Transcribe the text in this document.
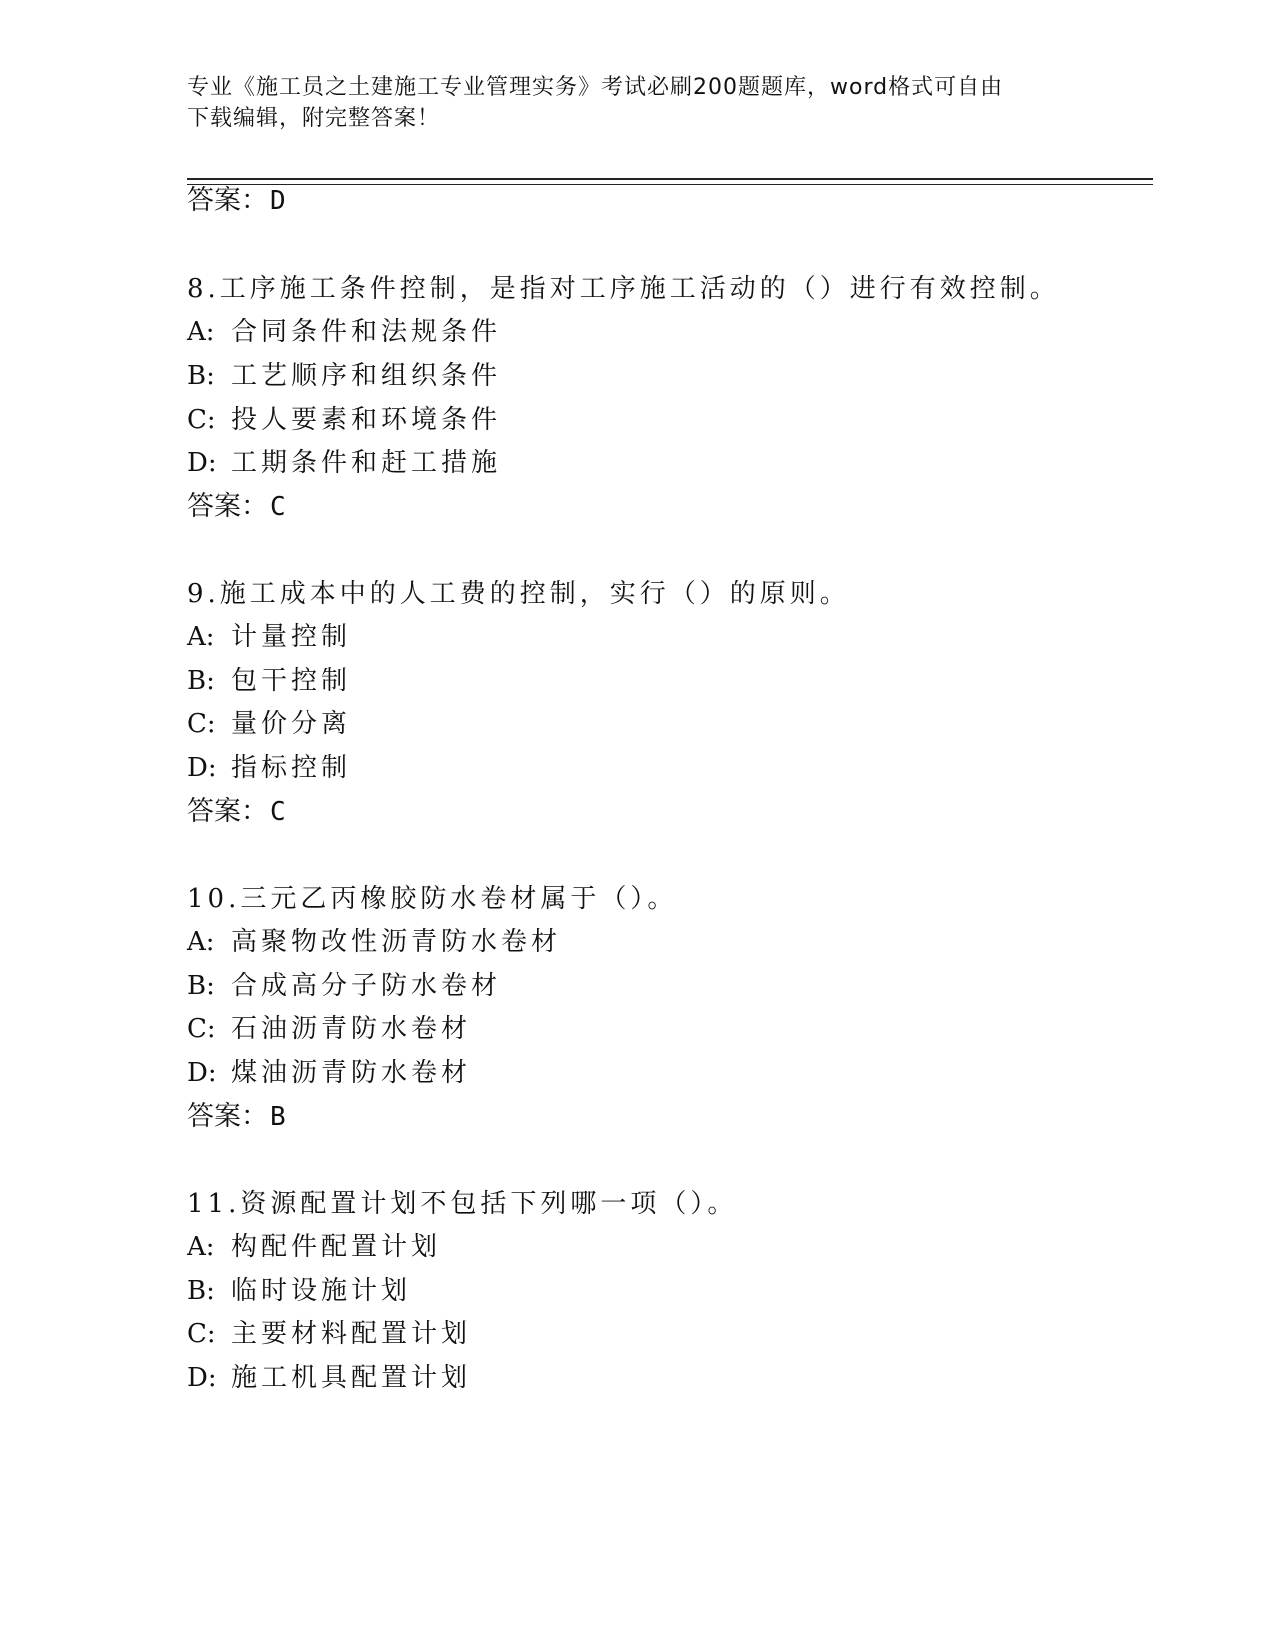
专业《施工员之土建施工专业管理实务》考试必刷200题题库，word格式可自由
下载编辑，附完整答案！
答案：D
8.工序施工条件控制，是指对工序施工活动的（）进行有效控制。
A: 合同条件和法规条件
B: 工艺顺序和组织条件
C: 投人要素和环境条件
D: 工期条件和赶工措施
答案：C
9.施工成本中的人工费的控制，实行（）的原则。
A: 计量控制
B: 包干控制
C: 量价分离
D: 指标控制
答案：C
10.三元乙丙橡胶防水卷材属于（）。
A: 高聚物改性沥青防水卷材
B: 合成高分子防水卷材
C: 石油沥青防水卷材
D: 煤油沥青防水卷材
答案：B
11.资源配置计划不包括下列哪一项（）。
A: 构配件配置计划
B: 临时设施计划
C: 主要材料配置计划
D: 施工机具配置计划
